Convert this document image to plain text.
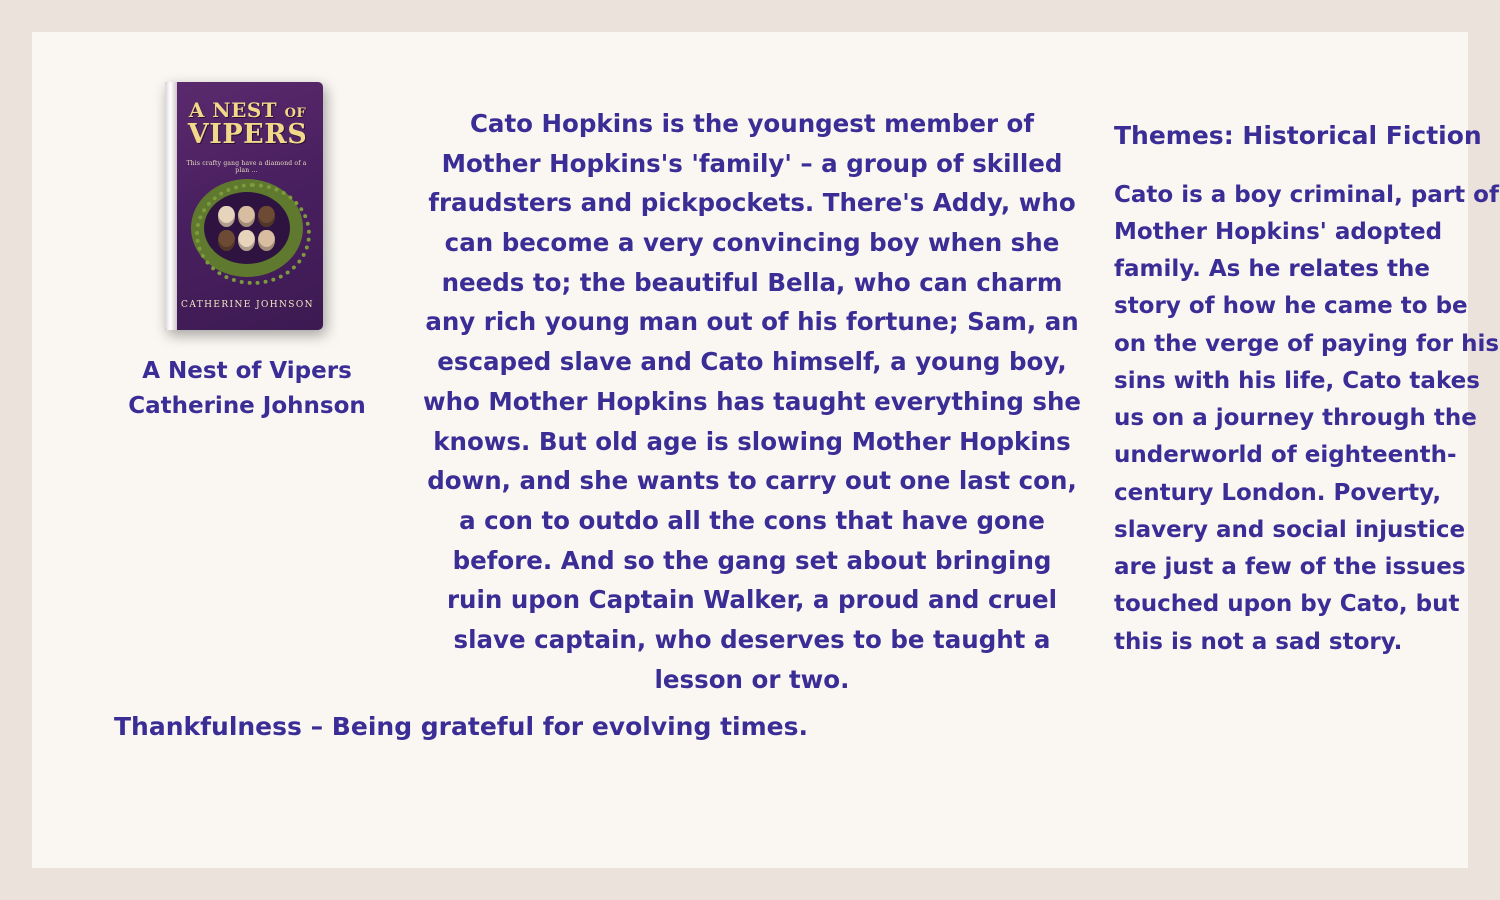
A NEST OF
VIPERS
This crafty gang have a diamond of a plan ...
CATHERINE JOHNSON
A Nest of Vipers
Catherine Johnson
Cato Hopkins is the youngest member of Mother Hopkins's 'family' – a group of skilled fraudsters and pickpockets. There's Addy, who can become a very convincing boy when she needs to; the beautiful Bella, who can charm any rich young man out of his fortune; Sam, an escaped slave and Cato himself, a young boy, who Mother Hopkins has taught everything she knows. But old age is slowing Mother Hopkins down, and she wants to carry out one last con, a con to outdo all the cons that have gone before. And so the gang set about bringing ruin upon Captain Walker, a proud and cruel slave captain, who deserves to be taught a lesson or two.
Themes: Historical Fiction
Cato is a boy criminal, part of Mother Hopkins' adopted family. As he relates the story of how he came to be on the verge of paying for his sins with his life, Cato takes us on a journey through the underworld of eighteenth-century London. Poverty, slavery and social injustice are just a few of the issues touched upon by Cato, but this is not a sad story.
Thankfulness – Being grateful for evolving times.
